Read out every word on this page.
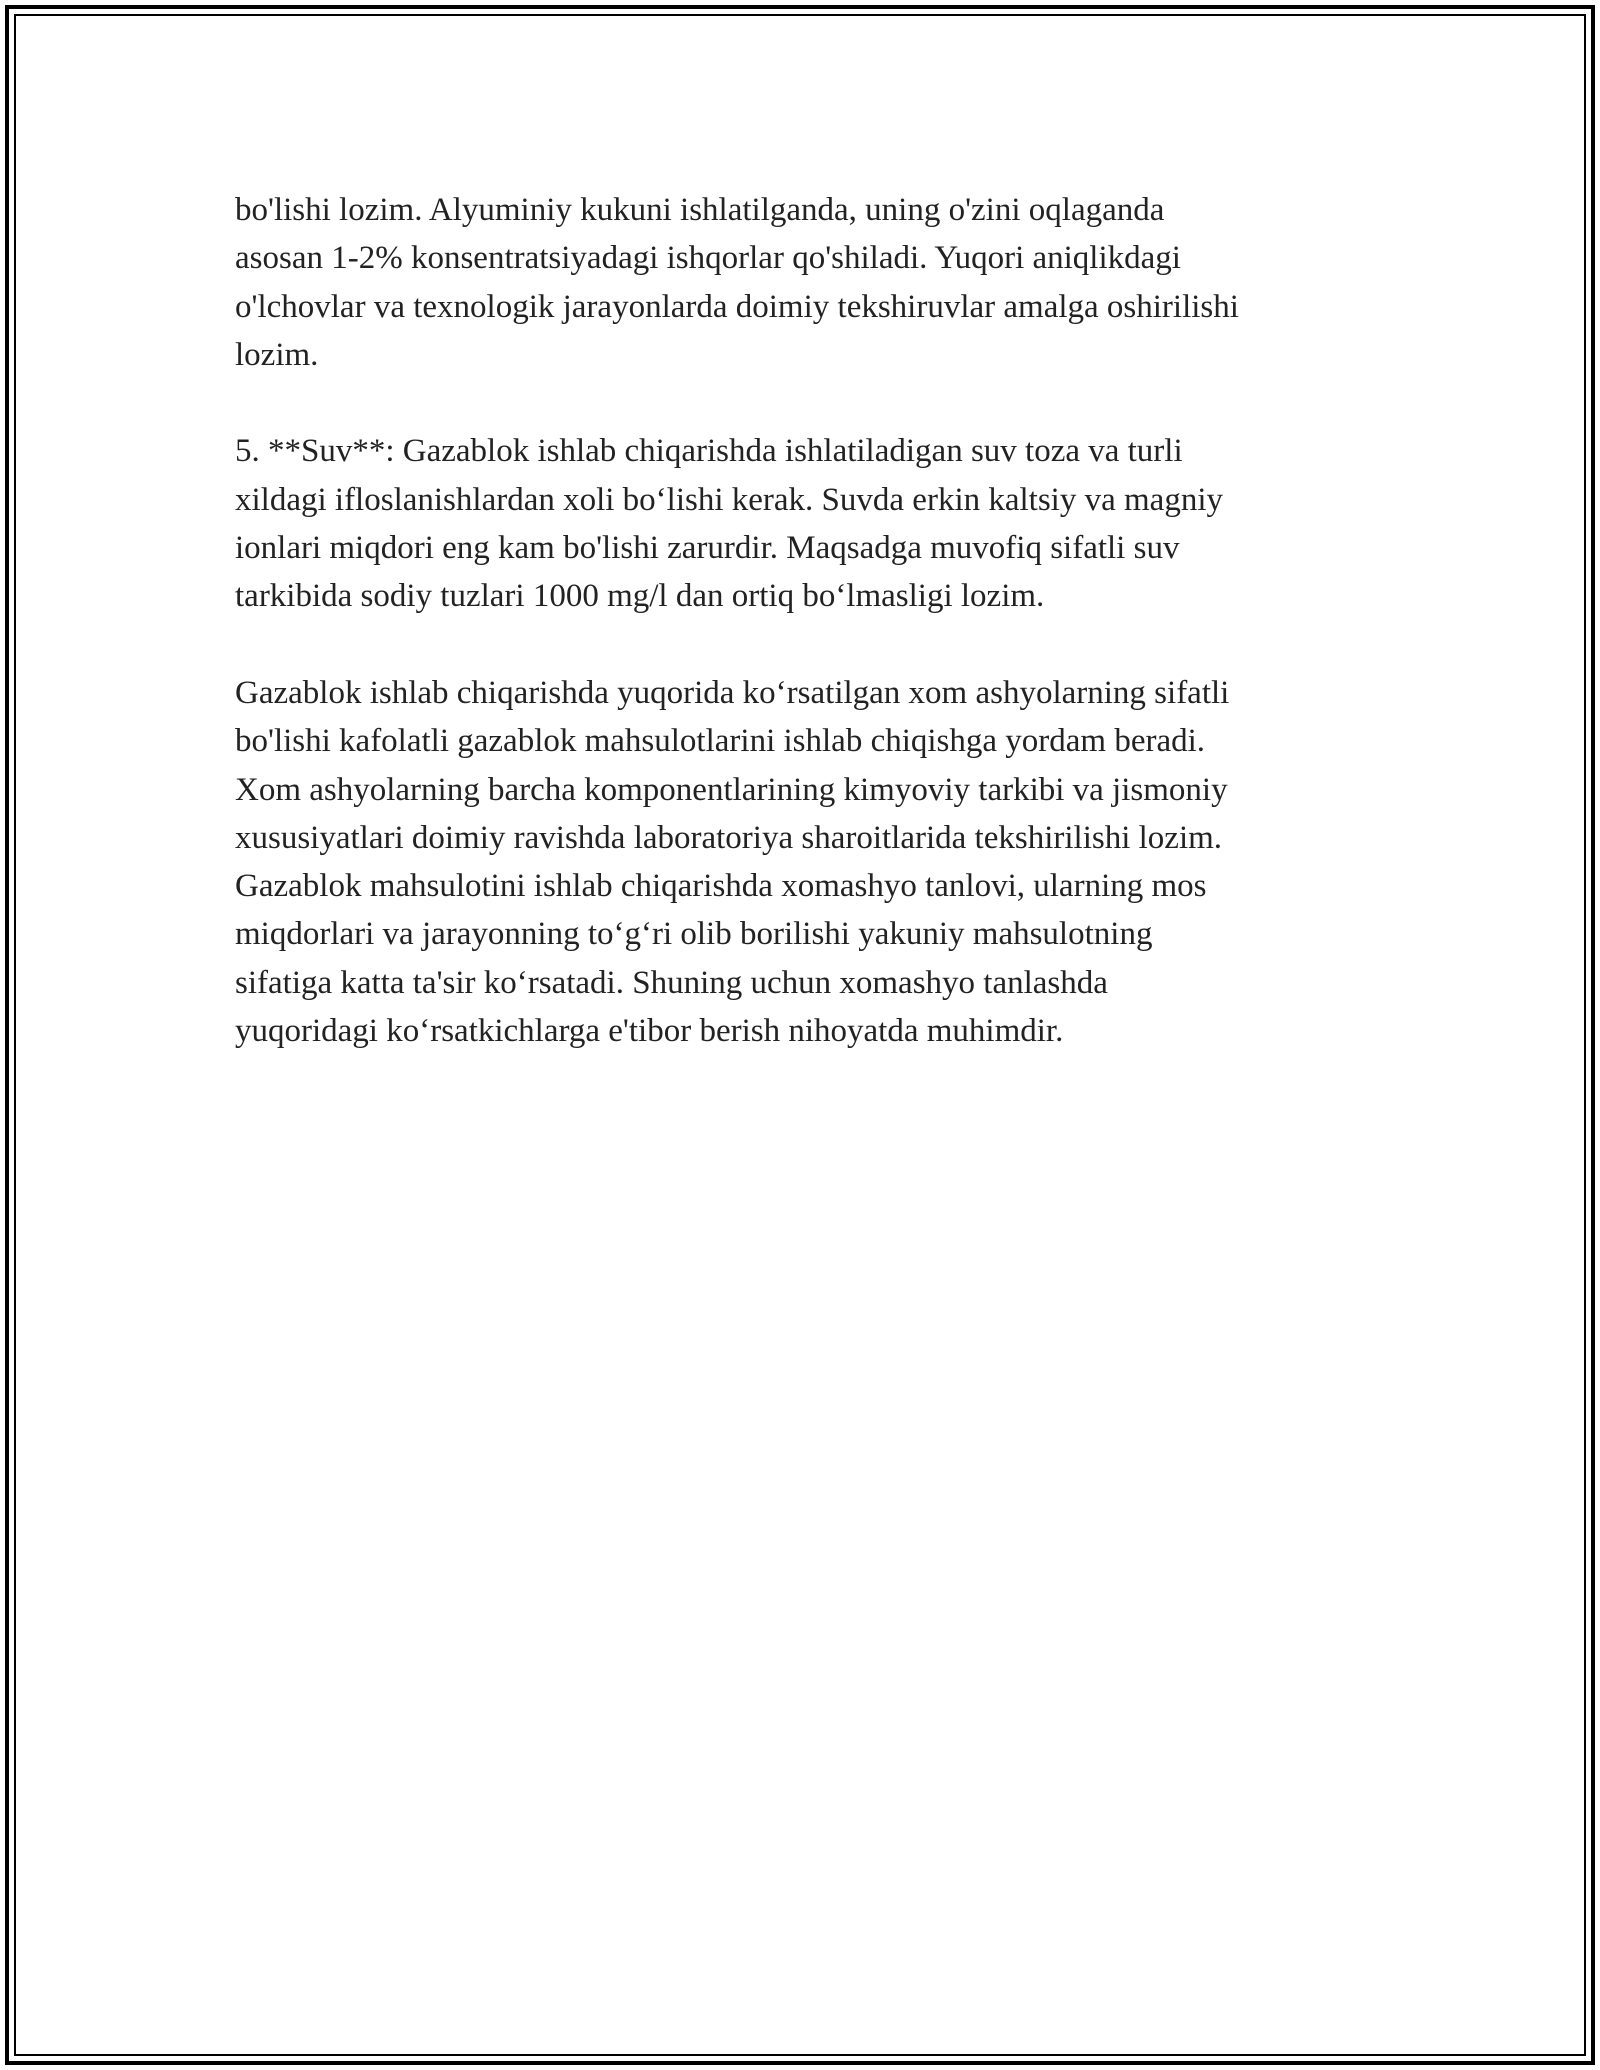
bo'lishi lozim. Alyuminiy kukuni ishlatilganda, uning o'zini oqlaganda
asosan 1-2% konsentratsiyadagi ishqorlar qo'shiladi. Yuqori aniqlikdagi
o'lchovlar va texnologik jarayonlarda doimiy tekshiruvlar amalga oshirilishi
lozim.

5. **Suv**: Gazablok ishlab chiqarishda ishlatiladigan suv toza va turli
xildagi ifloslanishlardan xoli bo‘lishi kerak. Suvda erkin kaltsiy va magniy
ionlari miqdori eng kam bo'lishi zarurdir. Maqsadga muvofiq sifatli suv
tarkibida sodiy tuzlari 1000 mg/l dan ortiq bo‘lmasligi lozim.

Gazablok ishlab chiqarishda yuqorida ko‘rsatilgan xom ashyolarning sifatli
bo'lishi kafolatli gazablok mahsulotlarini ishlab chiqishga yordam beradi.
Xom ashyolarning barcha komponentlarining kimyoviy tarkibi va jismoniy
xususiyatlari doimiy ravishda laboratoriya sharoitlarida tekshirilishi lozim.
Gazablok mahsulotini ishlab chiqarishda xomashyo tanlovi, ularning mos
miqdorlari va jarayonning to‘g‘ri olib borilishi yakuniy mahsulotning
sifatiga katta ta'sir ko‘rsatadi. Shuning uchun xomashyo tanlashda
yuqoridagi ko‘rsatkichlarga e'tibor berish nihoyatda muhimdir.
